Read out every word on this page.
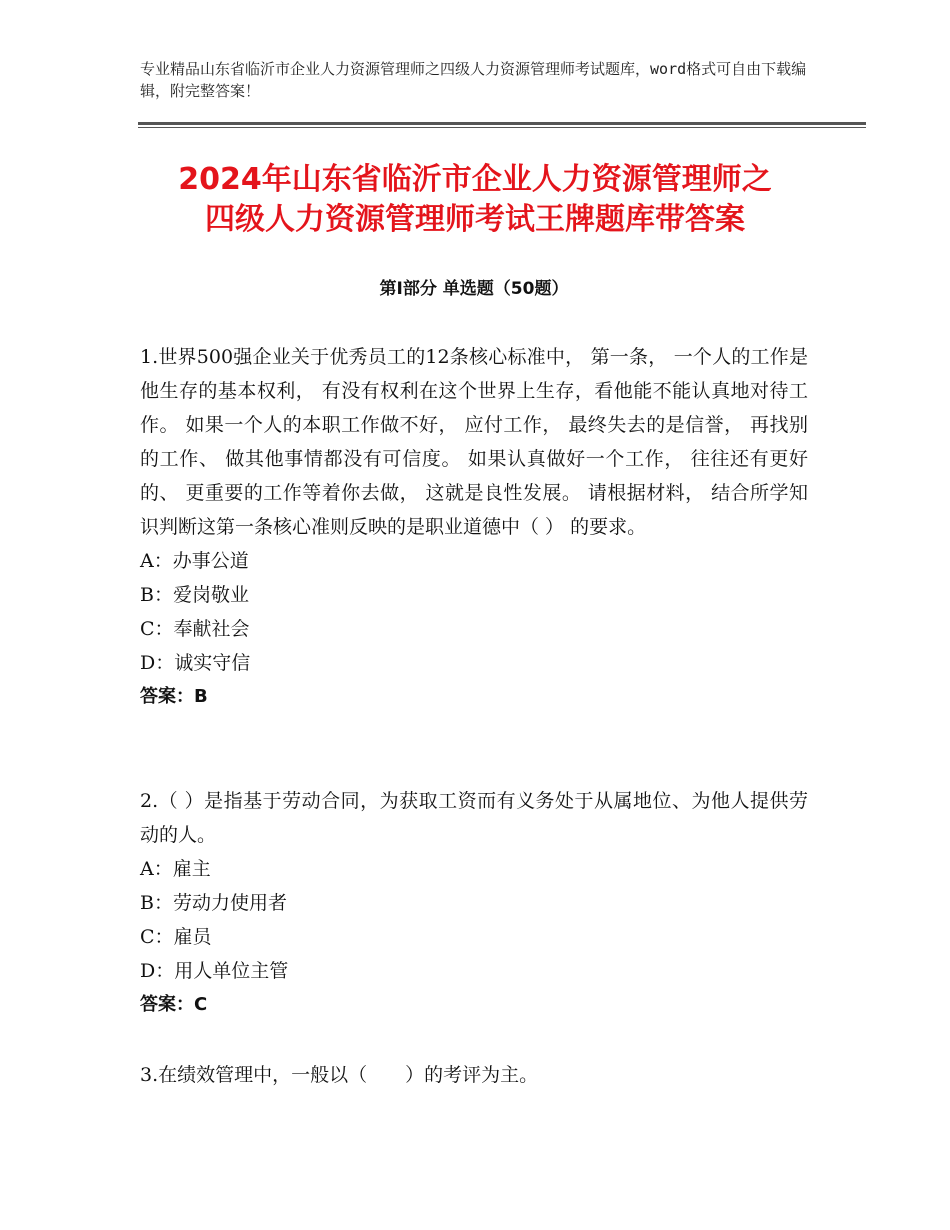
专业精品山东省临沂市企业人力资源管理师之四级人力资源管理师考试题库，word格式可自由下载编辑，附完整答案！
2024年山东省临沂市企业人力资源管理师之
四级人力资源管理师考试王牌题库带答案
第Ⅰ部分 单选题（50题）

1.世界500强企业关于优秀员工的12条核心标准中， 第一条， 一个人的工作是他生存的基本权利， 有没有权利在这个世界上生存，看他能不能认真地对待工作。 如果一个人的本职工作做不好， 应付工作， 最终失去的是信誉， 再找别的工作、 做其他事情都没有可信度。 如果认真做好一个工作， 往往还有更好的、 更重要的工作等着你去做， 这就是良性发展。 请根据材料， 结合所学知识判断这第一条核心准则反映的是职业道德中（ ） 的要求。

A：办事公道

B：爱岗敬业

C：奉献社会

D：诚实守信

答案：B

2.（ ）是指基于劳动合同，为获取工资而有义务处于从属地位、为他人提供劳动的人。

A：雇主

B：劳动力使用者

C：雇员

D：用人单位主管

答案：C

3.在绩效管理中，一般以（　　）的考评为主。
